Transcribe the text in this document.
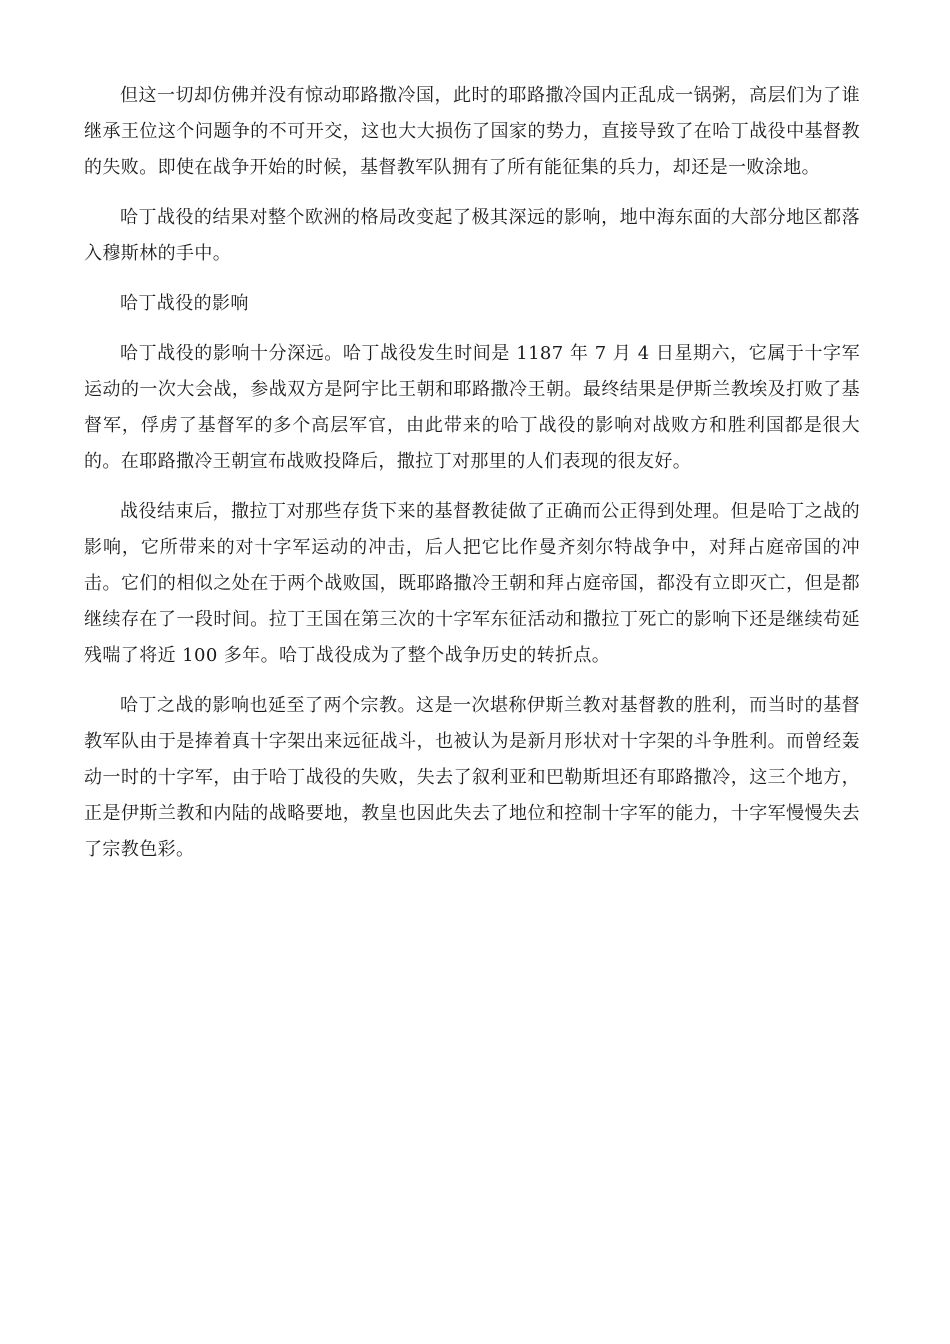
但这一切却仿佛并没有惊动耶路撒冷国，此时的耶路撒冷国内正乱成一锅粥，高层们为了谁继承王位这个问题争的不可开交，这也大大损伤了国家的势力，直接导致了在哈丁战役中基督教的失败。即使在战争开始的时候，基督教军队拥有了所有能征集的兵力，却还是一败涂地。

哈丁战役的结果对整个欧洲的格局改变起了极其深远的影响，地中海东面的大部分地区都落入穆斯林的手中。

哈丁战役的影响

哈丁战役的影响十分深远。哈丁战役发生时间是 1187 年 7 月 4 日星期六，它属于十字军运动的一次大会战，参战双方是阿宇比王朝和耶路撒冷王朝。最终结果是伊斯兰教埃及打败了基督军，俘虏了基督军的多个高层军官，由此带来的哈丁战役的影响对战败方和胜利国都是很大的。在耶路撒冷王朝宣布战败投降后，撒拉丁对那里的人们表现的很友好。

战役结束后，撒拉丁对那些存货下来的基督教徒做了正确而公正得到处理。但是哈丁之战的影响，它所带来的对十字军运动的冲击，后人把它比作曼齐刻尔特战争中，对拜占庭帝国的冲击。它们的相似之处在于两个战败国，既耶路撒冷王朝和拜占庭帝国，都没有立即灭亡，但是都继续存在了一段时间。拉丁王国在第三次的十字军东征活动和撒拉丁死亡的影响下还是继续苟延残喘了将近 100 多年。哈丁战役成为了整个战争历史的转折点。

哈丁之战的影响也延至了两个宗教。这是一次堪称伊斯兰教对基督教的胜利，而当时的基督教军队由于是捧着真十字架出来远征战斗，也被认为是新月形状对十字架的斗争胜利。而曾经轰动一时的十字军，由于哈丁战役的失败，失去了叙利亚和巴勒斯坦还有耶路撒冷，这三个地方，正是伊斯兰教和内陆的战略要地，教皇也因此失去了地位和控制十字军的能力，十字军慢慢失去了宗教色彩。
